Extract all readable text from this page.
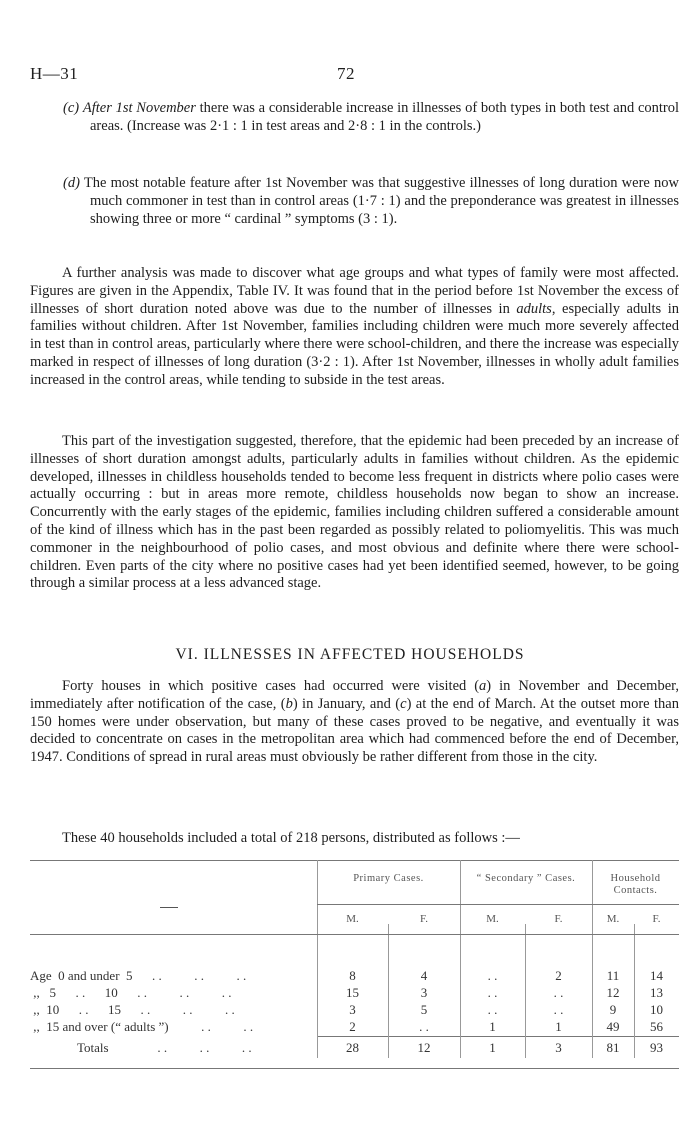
H—31	72
(c) After 1st November there was a considerable increase in illnesses of both types in both test and control areas. (Increase was 2·1 : 1 in test areas and 2·8 : 1 in the controls.)
(d) The most notable feature after 1st November was that suggestive illnesses of long duration were now much commoner in test than in control areas (1·7 : 1) and the preponderance was greatest in illnesses showing three or more “ cardinal ” symptoms (3 : 1).
A further analysis was made to discover what age groups and what types of family were most affected. Figures are given in the Appendix, Table IV. It was found that in the period before 1st November the excess of illnesses of short duration noted above was due to the number of illnesses in adults, especially adults in families without children. After 1st November, families including children were much more severely affected in test than in control areas, particularly where there were school-children, and there the increase was especially marked in respect of illnesses of long duration (3·2 : 1). After 1st November, illnesses in wholly adult families increased in the control areas, while tending to subside in the test areas.
This part of the investigation suggested, therefore, that the epidemic had been preceded by an increase of illnesses of short duration amongst adults, particularly adults in families without children. As the epidemic developed, illnesses in childless households tended to become less frequent in districts where polio cases were actually occurring : but in areas more remote, childless households now began to show an increase. Concurrently with the early stages of the epidemic, families including children suffered a considerable amount of the kind of illness which has in the past been regarded as possibly related to poliomyelitis. This was much commoner in the neighbourhood of polio cases, and most obvious and definite where there were school-children. Even parts of the city where no positive cases had yet been identified seemed, however, to be going through a similar process at a less advanced stage.
VI. ILLNESSES IN AFFECTED HOUSEHOLDS
Forty houses in which positive cases had occurred were visited (a) in November and December, immediately after notification of the case, (b) in January, and (c) at the end of March. At the outset more than 150 homes were under observation, but many of these cases proved to be negative, and eventually it was decided to concentrate on cases in the metropolitan area which had commenced before the end of December, 1947. Conditions of spread in rural areas must obviously be rather different from those in the city.
These 40 households included a total of 218 persons, distributed as follows :—
Primary Cases.	“ Secondary ” Cases.	Household Contacts.
M.	F.	M.	F.	M.	F.
Age  0 and under  5      . .          . .          . .	8	4	. .	2	11	14
,,   5      . .      10      . .          . .          . .	15	3	. .	. .	12	13
,,  10      . .      15      . .          . .          . .	3	5	. .	. .	9	10
,,  15 and over (“ adults ”)          . .          . .	2	. .	1	1	49	56
Totals               . .          . .          . .	28	12	1	3	81	93
